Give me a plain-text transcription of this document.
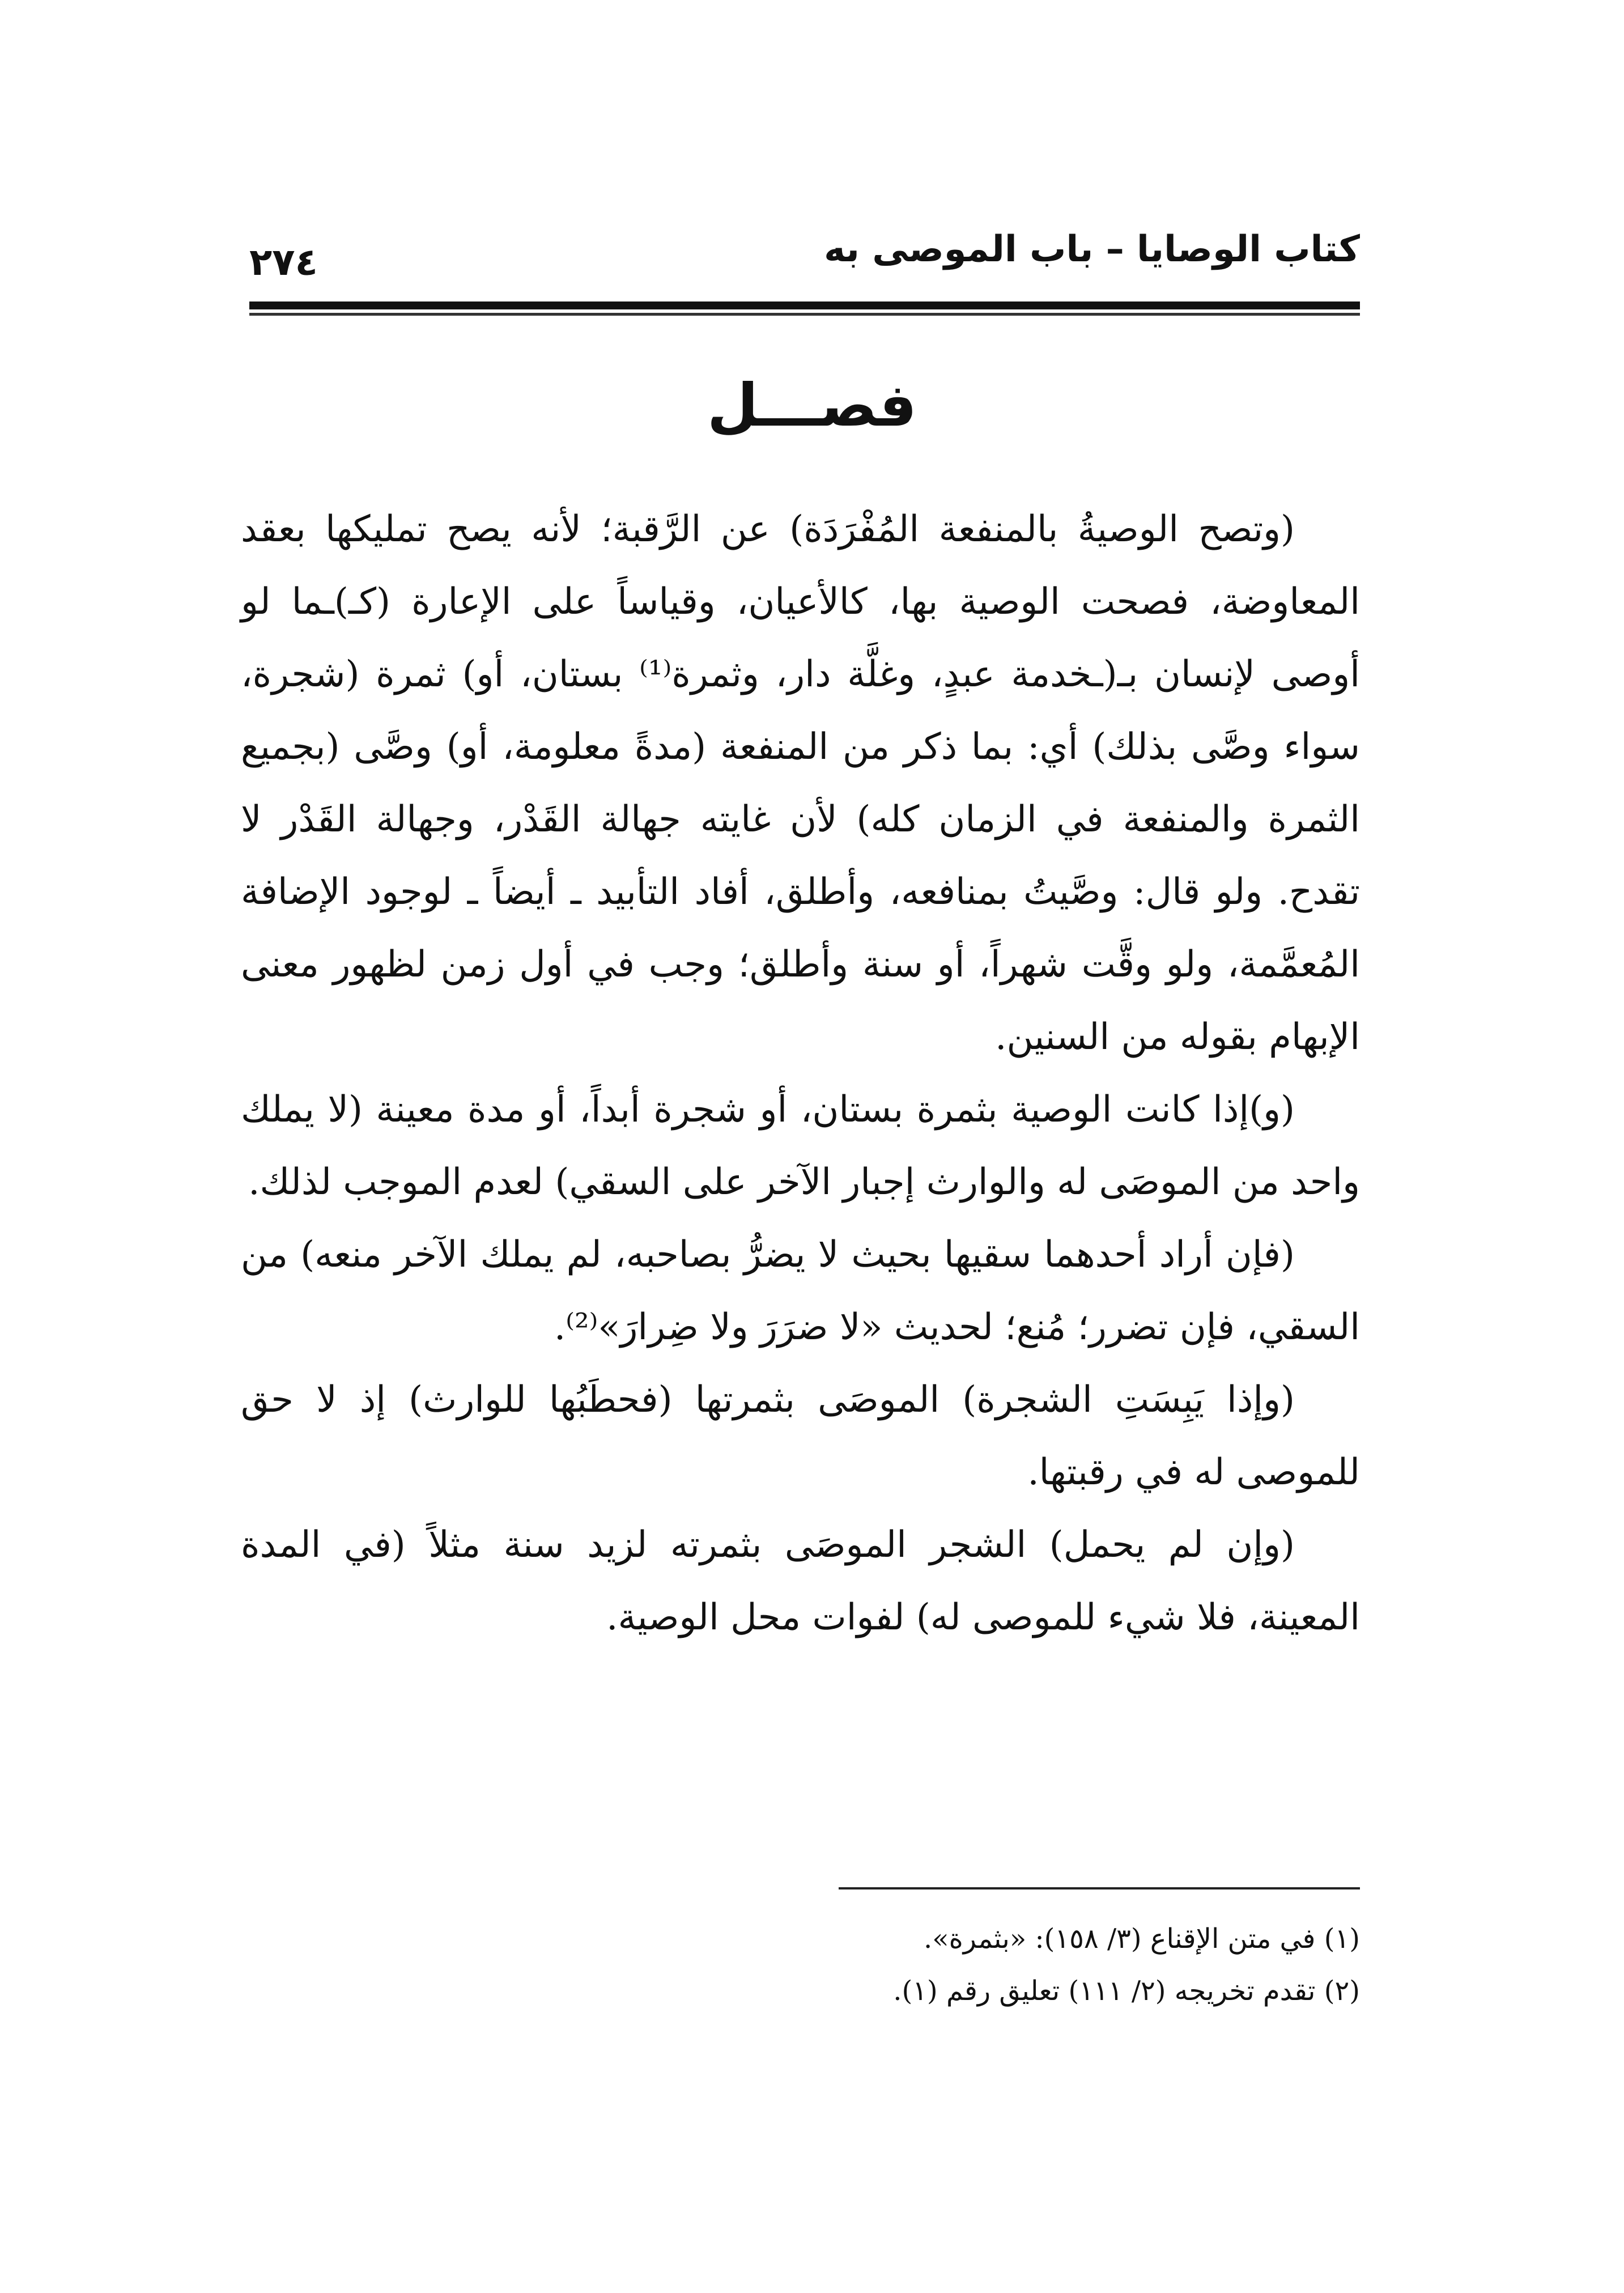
٢٧٤	كتاب الوصايا – باب الموصى به
فصـــل

(وتصح الوصيةُ بالمنفعة المُفْرَدَة) عن الرَّقبة؛ لأنه يصح تمليكها بعقد المعاوضة، فصحت الوصية بها، كالأعيان، وقياساً على الإعارة (كـ)ـما لو أوصى لإنسان بـ(ـخدمة عبدٍ، وغلَّة دار، وثمرة⁽¹⁾ بستان، أو) ثمرة (شجرة، سواء وصَّى بذلك) أي: بما ذكر من المنفعة (مدةً معلومة، أو) وصَّى (بجميع الثمرة والمنفعة في الزمان كله) لأن غايته جهالة القَدْر، وجهالة القَدْر لا تقدح. ولو قال: وصَّيتُ بمنافعه، وأطلق، أفاد التأبيد ـ أيضاً ـ لوجود الإضافة المُعمَّمة، ولو وقَّت شهراً، أو سنة وأطلق؛ وجب في أول زمن لظهور معنى الإبهام بقوله من السنين.

(و)إذا كانت الوصية بثمرة بستان، أو شجرة أبداً، أو مدة معينة (لا يملك واحد من الموصَى له والوارث إجبار الآخر على السقي) لعدم الموجب لذلك.

(فإن أراد أحدهما سقيها بحيث لا يضرُّ بصاحبه، لم يملك الآخر منعه) من السقي، فإن تضرر؛ مُنع؛ لحديث «لا ضرَرَ ولا ضِرارَ»⁽²⁾.

(وإذا يَبِسَتِ الشجرة) الموصَى بثمرتها (فحطَبُها للوارث) إذ لا حق للموصى له في رقبتها.

(وإن لم يحمل) الشجر الموصَى بثمرته لزيد سنة مثلاً (في المدة المعينة، فلا شيء للموصى له) لفوات محل الوصية.

(١) في متن الإقناع (٣/ ١٥٨): «بثمرة».
(٢) تقدم تخريجه (٢/ ١١١) تعليق رقم (١).
